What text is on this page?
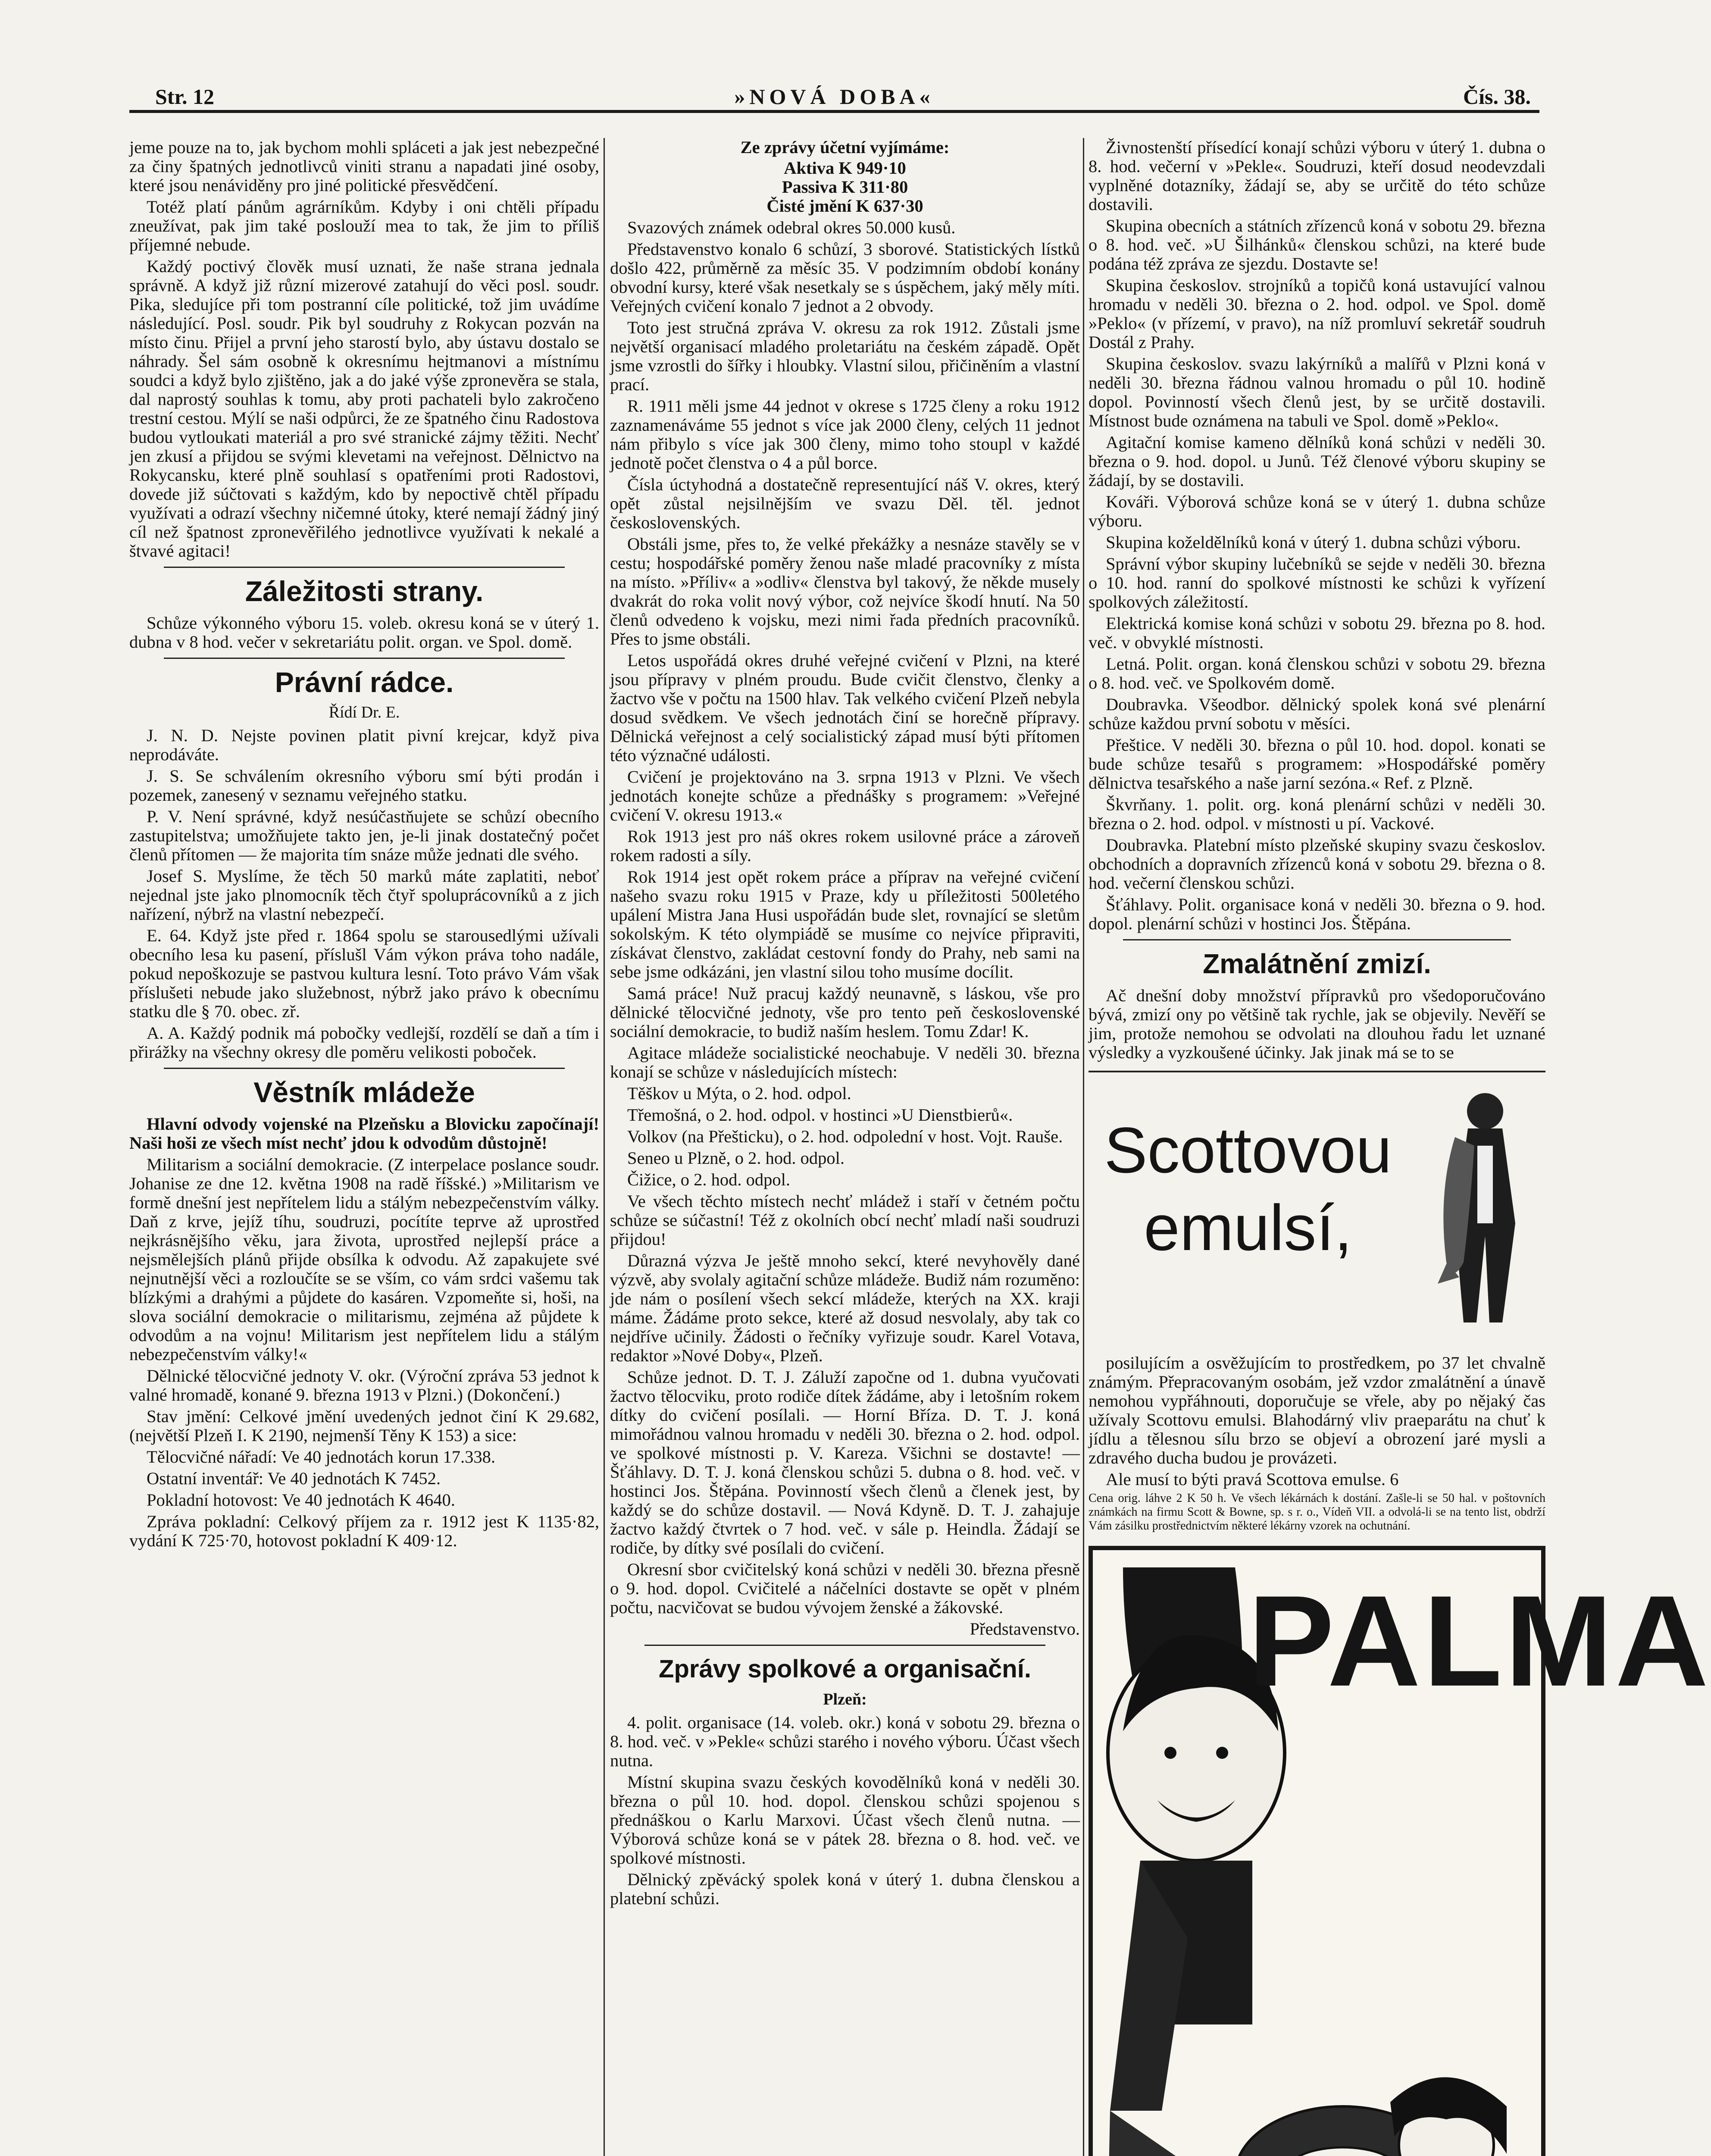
Str. 12	»NOVÁ DOBA«	Čís. 38.

jeme pouze na to, jak bychom mohli spláceti a jak jest nebezpečné za činy špatných jednotlivců viniti stranu a napadati jiné osoby, které jsou nenáviděny pro jiné politické přesvědčení.

Totéž platí pánům agrárníkům. Kdyby i oni chtěli případu zneužívat, pak jim také poslouží mea to tak, že jim to příliš příjemné nebude.

Každý poctivý člověk musí uznati, že naše strana jednala správně. A když již různí mizerové zatahují do věci posl. soudr. Pika, sledujíce při tom postranní cíle politické, tož jim uvádíme následující. Posl. soudr. Pik byl soudruhy z Rokycan pozván na místo činu. Přijel a první jeho starostí bylo, aby ústavu dostalo se náhrady. Šel sám osobně k okresnímu hejtmanovi a místnímu soudci a když bylo zjištěno, jak a do jaké výše zpronevěra se stala, dal naprostý souhlas k tomu, aby proti pachateli bylo zakročeno trestní cestou. Mýlí se naši odpůrci, že ze špatného činu Radostova budou vytloukati materiál a pro své stranické zájmy těžiti. Nechť jen zkusí a přijdou se svými klevetami na veřejnost. Dělnictvo na Rokycansku, které plně souhlasí s opatřeními proti Radostovi, dovede již súčtovati s každým, kdo by nepoctivě chtěl případu využívati a odrazí všechny ničemné útoky, které nemají žádný jiný cíl než špatnost zpronevěřilého jednotlivce využívati k nekalé a štvavé agitaci!

Záležitosti strany.

Schůze výkonného výboru 15. voleb. okresu koná se v úterý 1. dubna v 8 hod. večer v sekretariátu polit. organ. ve Spol. domě.

Právní rádce.
Řídí Dr. E.

J. N. D. Nejste povinen platit pivní krejcar, když piva neprodáváte.

J. S. Se schválením okresního výboru smí býti prodán i pozemek, zanesený v seznamu veřejného statku.

P. V. Není správné, když nesúčastňujete se schůzí obecního zastupitelstva; umožňujete takto jen, je-li jinak dostatečný počet členů přítomen — že majorita tím snáze může jednati dle svého.

Josef S. Myslíme, že těch 50 marků máte zaplatiti, neboť nejednal jste jako plnomocník těch čtyř spoluprácovníků a z jich nařízení, nýbrž na vlastní nebezpečí.

E. 64. Když jste před r. 1864 spolu se starousedlými užívali obecního lesa ku pasení, příslušl Vám výkon práva toho nadále, pokud nepoškozuje se pastvou kultura lesní. Toto právo Vám však příslušeti nebude jako služebnost, nýbrž jako právo k obecnímu statku dle § 70. obec. zř.

A. A. Každý podnik má pobočky vedlejší, rozdělí se daň a tím i přirážky na všechny okresy dle poměru velikosti poboček.

Věstník mládeže

Hlavní odvody vojenské na Plzeňsku a Blovicku započínají! Naši hoši ze všech míst nechť jdou k odvodům důstojně!

Militarism a sociální demokracie. (Z interpelace poslance soudr. Johanise ze dne 12. května 1908 na radě říšské.) »Militarism ve formě dnešní jest nepřítelem lidu a stálým nebezpečenstvím války. Daň z krve, jejíž tíhu, soudruzi, pocítíte teprve až uprostřed nejkrásnějšího věku, jara života, uprostřed nejlepší práce a nejsmělejších plánů přijde obsílka k odvodu. Až zapakujete své nejnutnější věci a rozloučíte se se vším, co vám srdci vašemu tak blízkými a drahými a půjdete do kasáren. Vzpomeňte si, hoši, na slova sociální demokracie o militarismu, zejména až půjdete k odvodům a na vojnu! Militarism jest nepřítelem lidu a stálým nebezpečenstvím války!«

Dělnické tělocvičné jednoty V. okr. (Výroční zpráva 53 jednot k valné hromadě, konané 9. března 1913 v Plzni.) (Dokončení.)

Stav jmění: Celkové jmění uvedených jednot činí K 29.682, (největší Plzeň I. K 2190, nejmenší Těny K 153) a sice:

Tělocvičné nářadí: Ve 40 jednotách korun 17.338.

Ostatní inventář: Ve 40 jednotách K 7452.

Pokladní hotovost: Ve 40 jednotách K 4640.

Zpráva pokladní: Celkový příjem za r. 1912 jest K 1135·82, vydání K 725·70, hotovost pokladní K 409·12.

Ze zprávy účetní vyjímáme:

Aktiva K 949·10
Passiva K 311·80
Čisté jmění K 637·30

Svazových známek odebral okres 50.000 kusů.

Představenstvo konalo 6 schůzí, 3 sborové. Statistických lístků došlo 422, průměrně za měsíc 35. V podzimním období konány obvodní kursy, které však nesetkaly se s úspěchem, jaký měly míti. Veřejných cvičení konalo 7 jednot a 2 obvody.

Toto jest stručná zpráva V. okresu za rok 1912. Zůstali jsme největší organisací mladého proletariátu na českém západě. Opět jsme vzrostli do šířky i hloubky. Vlastní silou, přičiněním a vlastní prací.

R. 1911 měli jsme 44 jednot v okrese s 1725 členy a roku 1912 zaznamenáváme 55 jednot s více jak 2000 členy, celých 11 jednot nám přibylo s více jak 300 členy, mimo toho stoupl v každé jednotě počet členstva o 4 a půl borce.

Čísla úctyhodná a dostatečně representující náš V. okres, který opět zůstal nejsilnějším ve svazu Děl. těl. jednot československých.

Obstáli jsme, přes to, že velké překážky a nesnáze stavěly se v cestu; hospodářské poměry ženou naše mladé pracovníky z místa na místo. »Příliv« a »odliv« členstva byl takový, že někde musely dvakrát do roka volit nový výbor, což nejvíce škodí hnutí. Na 50 členů odvedeno k vojsku, mezi nimi řada předních pracovníků. Přes to jsme obstáli.

Letos uspořádá okres druhé veřejné cvičení v Plzni, na které jsou přípravy v plném proudu. Bude cvičit členstvo, členky a žactvo vše v počtu na 1500 hlav. Tak velkého cvičení Plzeň nebyla dosud svědkem. Ve všech jednotách činí se horečně přípravy. Dělnická veřejnost a celý socialistický západ musí býti přítomen této význačné události.

Cvičení je projektováno na 3. srpna 1913 v Plzni. Ve všech jednotách konejte schůze a přednášky s programem: »Veřejné cvičení V. okresu 1913.«

Rok 1913 jest pro náš okres rokem usilovné práce a zároveň rokem radosti a síly.

Rok 1914 jest opět rokem práce a příprav na veřejné cvičení našeho svazu roku 1915 v Praze, kdy u příležitosti 500letého upálení Mistra Jana Husi uspořádán bude slet, rovnající se sletům sokolským. K této olympiádě se musíme co nejvíce připraviti, získávat členstvo, zakládat cestovní fondy do Prahy, neb sami na sebe jsme odkázáni, jen vlastní silou toho musíme docílit.

Samá práce! Nuž pracuj každý neunavně, s láskou, vše pro dělnické tělocvičné jednoty, vše pro tento peň československé sociální demokracie, to budiž naším heslem. Tomu Zdar! K.

Agitace mládeže socialistické neochabuje. V neděli 30. března konají se schůze v následujících místech:

Těškov u Mýta, o 2. hod. odpol.

Třemošná, o 2. hod. odpol. v hostinci »U Dienstbierů«.

Volkov (na Přešticku), o 2. hod. odpolední v host. Vojt. Rauše.

Seneo u Plzně, o 2. hod. odpol.

Čižice, o 2. hod. odpol.

Ve všech těchto místech nechť mládež i staří v četném počtu schůze se súčastní! Též z okolních obcí nechť mladí naši soudruzi přijdou!

Důrazná výzva Je ještě mnoho sekcí, které nevyhověly dané výzvě, aby svolaly agitační schůze mládeže. Budiž nám rozuměno: jde nám o posílení všech sekcí mládeže, kterých na XX. kraji máme. Žádáme proto sekce, které až dosud nesvolaly, aby tak co nejdříve učinily. Žádosti o řečníky vyřizuje soudr. Karel Votava, redaktor »Nové Doby«, Plzeň.

Schůze jednot. D. T. J. Záluží započne od 1. dubna vyučovati žactvo tělocviku, proto rodiče dítek žádáme, aby i letošním rokem dítky do cvičení posílali. — Horní Bříza. D. T. J. koná mimořádnou valnou hromadu v neděli 30. března o 2. hod. odpol. ve spolkové místnosti p. V. Kareza. Všichni se dostavte! — Šťáhlavy. D. T. J. koná členskou schůzi 5. dubna o 8. hod. več. v hostinci Jos. Štěpána. Povinností všech členů a členek jest, by každý se do schůze dostavil. — Nová Kdyně. D. T. J. zahajuje žactvo každý čtvrtek o 7 hod. več. v sále p. Heindla. Žádají se rodiče, by dítky své posílali do cvičení.

Okresní sbor cvičitelský koná schůzi v neděli 30. března přesně o 9. hod. dopol. Cvičitelé a náčelníci dostavte se opět v plném počtu, nacvičovat se budou vývojem ženské a žákovské.

Představenstvo.

Zprávy spolkové a organisační.
Plzeň:

4. polit. organisace (14. voleb. okr.) koná v sobotu 29. března o 8. hod. več. v »Pekle« schůzi starého i nového výboru. Účast všech nutna.

Místní skupina svazu českých kovodělníků koná v neděli 30. března o půl 10. hod. dopol. členskou schůzi spojenou s přednáškou o Karlu Marxovi. Účast všech členů nutna. — Výborová schůze koná se v pátek 28. března o 8. hod. več. ve spolkové místnosti.

Dělnický zpěvácký spolek koná v úterý 1. dubna členskou a platební schůzi.

Živnostenští přísedící konají schůzi výboru v úterý 1. dubna o 8. hod. večerní v »Pekle«. Soudruzi, kteří dosud neodevzdali vyplněné dotazníky, žádají se, aby se určitě do této schůze dostavili.

Skupina obecních a státních zřízenců koná v sobotu 29. března o 8. hod. več. »U Šilhánků« členskou schůzi, na které bude podána též zpráva ze sjezdu. Dostavte se!

Skupina českoslov. strojníků a topičů koná ustavující valnou hromadu v neděli 30. března o 2. hod. odpol. ve Spol. domě »Peklo« (v přízemí, v pravo), na níž promluví sekretář soudruh Dostál z Prahy.

Skupina českoslov. svazu lakýrníků a malířů v Plzni koná v neděli 30. března řádnou valnou hromadu o půl 10. hodině dopol. Povinností všech členů jest, by se určitě dostavili. Místnost bude oznámena na tabuli ve Spol. domě »Peklo«.

Agitační komise kameno dělníků koná schůzi v neděli 30. března o 9. hod. dopol. u Junů. Též členové výboru skupiny se žádají, by se dostavili.

Kováři. Výborová schůze koná se v úterý 1. dubna schůze výboru.

Skupina koželdělníků koná v úterý 1. dubna schůzi výboru.

Správní výbor skupiny lučebníků se sejde v neděli 30. března o 10. hod. ranní do spolkové místnosti ke schůzi k vyřízení spolkových záležitostí.

Elektrická komise koná schůzi v sobotu 29. března po 8. hod. več. v obvyklé místnosti.

Letná. Polit. organ. koná členskou schůzi v sobotu 29. března o 8. hod. več. ve Spolkovém domě.

Doubravka. Všeodbor. dělnický spolek koná své plenární schůze každou první sobotu v měsíci.

Přeštice. V neděli 30. března o půl 10. hod. dopol. konati se bude schůze tesařů s programem: »Hospodářské poměry dělnictva tesařského a naše jarní sezóna.« Ref. z Plzně.

Škvrňany. 1. polit. org. koná plenární schůzi v neděli 30. března o 2. hod. odpol. v místnosti u pí. Vackové.

Doubravka. Platební místo plzeňské skupiny svazu českoslov. obchodních a dopravních zřízenců koná v sobotu 29. března o 8. hod. večerní členskou schůzi.

Šťáhlavy. Polit. organisace koná v neděli 30. března o 9. hod. dopol. plenární schůzi v hostinci Jos. Štěpána.

Zmalátnění zmizí.

Ač dnešní doby množství přípravků pro všedoporučováno bývá, zmizí ony po většině tak rychle, jak se objevily. Nevěří se jim, protože nemohou se odvolati na dlouhou řadu let uznané výsledky a vyzkoušené účinky. Jak jinak má se to se

Scottovou emulsí,

posilujícím a osvěžujícím to prostředkem, po 37 let chvalně známým. Přepracovaným osobám, jež vzdor zmalátnění a únavě nemohou vypřáhnouti, doporučuje se vřele, aby po nějaký čas užívaly Scottovu emulsi. Blahodárný vliv praeparátu na chuť k jídlu a tělesnou sílu brzo se objeví a obrození jaré mysli a zdravého ducha budou je provázeti.

Ale musí to býti pravá Scottova emulse. 6

Cena orig. láhve 2 K 50 h. Ve všech lékárnách k dostání. Zašle-li se 50 hal. v poštovních známkách na firmu Scott & Bowne, sp. s r. o., Vídeň VII. a odvolá-li se na tento list, obdrží Vám zásilku prostřednictvím některé lékárny vzorek na ochutnání.

PALMA
